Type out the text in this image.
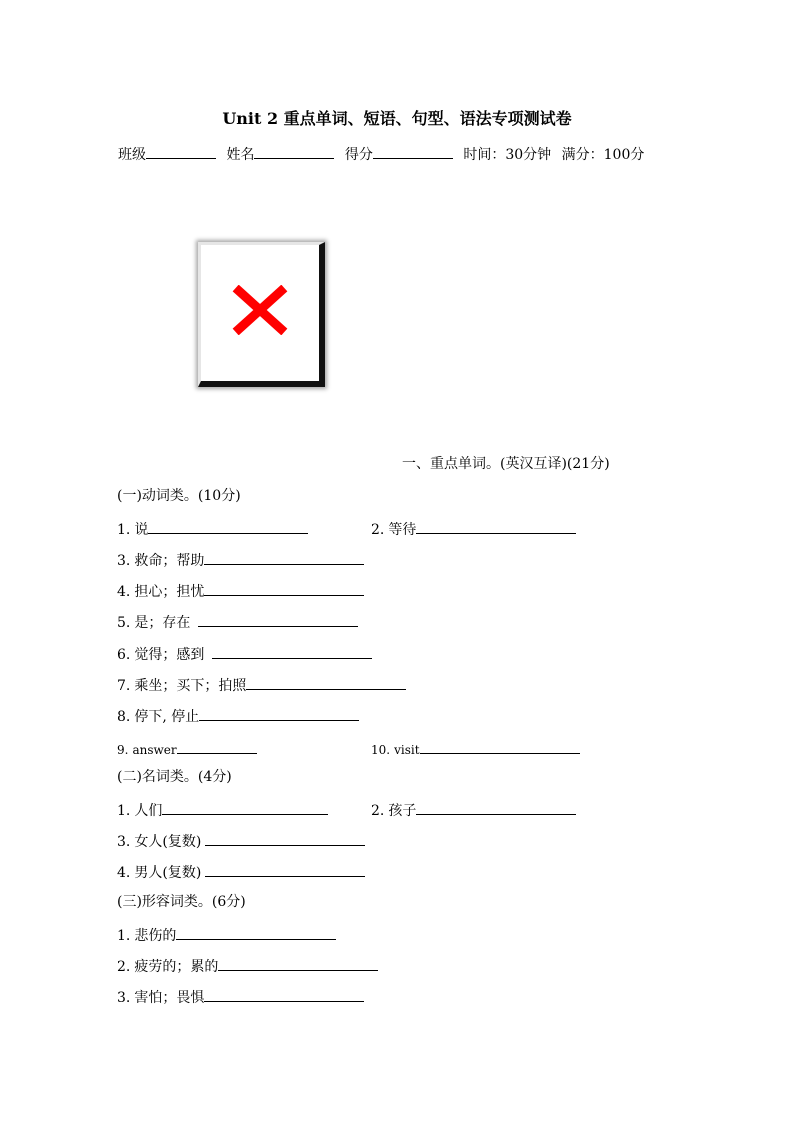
Unit 2 重点单词、短语、句型、语法专项测试卷
班级	姓名	得分	时间：30分钟 满分：100分
一、重点单词。(英汉互译)(21分)
(一)动词类。(10分)
1. 说	2. 等待
3. 救命；帮助
4. 担心；担忧
5. 是；存在
6. 觉得；感到
7. 乘坐；买下；拍照
8. 停下, 停止
9. answer	10. visit
(二)名词类。(4分)
1. 人们	2. 孩子
3. 女人(复数)
4. 男人(复数)
(三)形容词类。(6分)
1. 悲伤的
2. 疲劳的；累的
3. 害怕；畏惧
